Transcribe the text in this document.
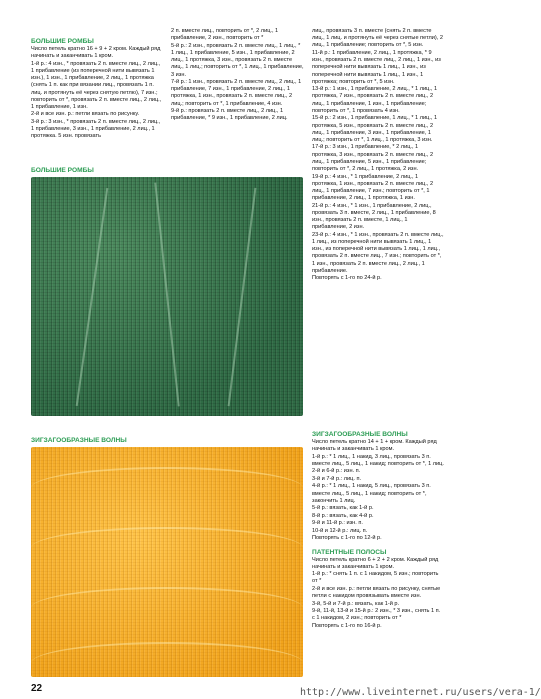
БОЛЬШИЕ РОМБЫ

Число петель кратно 16 + 9 + 2 кром. Каждый ряд начинать и заканчивать 1 кром.

1-й р.: 4 изн., * провязать 2 п. вместе лиц., 2 лиц., 1 прибавление (из поперечной нити вывязать 1 изн.), 1 изн., 1 прибавление, 2 лиц., 1 протяжка (снять 1 п. как при вязании лиц., провязать 1 п. лиц. и протянуть её через снятую петлю), 7 изн.; повторить от *, провязать 2 п. вместе лиц., 2 лиц., 1 прибавление, 1 изн.

2-й и все изн. р.: петли вязать по рисунку.

3-й р.: 3 изн., * провязать 2 п. вместе лиц., 2 лиц., 1 прибавление, 3 изн., 1 прибавление, 2 лиц., 1 протяжка. 5 изн. провязать

2 п. вместе лиц., повторить от *, 2 лиц., 1 прибавление, 2 изн., повторить от *

5-й р.: 2 изн., провязать 2 п. вместе лиц., 1 лиц., * 1 лиц., 1 прибавление, 5 изн., 1 прибавление, 2 лиц., 1 протяжка, 3 изн., провязать 2 п. вместе лиц., 1 лиц.; повторить от *, 1 лиц., 1 прибавление, 3 изн.

7-й р.: 1 изн., провязать 2 п. вместе лиц., 2 лиц., 1 прибавление, 7 изн., 1 прибавление, 2 лиц., 1 протяжка, 1 изн., провязать 2 п. вместе лиц., 2 лиц.; повторить от *, 1 прибавление, 4 изн.

9-й р.: провязать 2 п. вместе лиц., 2 лиц., 1 прибавление, * 9 изн., 1 прибавление, 2 лиц.

лиц., провязать 3 п. вместе (снять 2 п. вместе лиц., 1 лиц. и протянуть её через снятые петли), 2 лиц., 1 прибавление; повторить от *, 5 изн.

11-й р.: 1 прибавление, 2 лиц., 1 протяжка, * 9 изн., провязать 2 п. вместе лиц., 2 лиц., 1 изн., из поперечной нити вывязать 1 лиц., 1 изн., из поперечной нити вывязать 1 лиц., 1 изн., 1 протяжка; повторить от *, 5 изн.

13-й р.: 1 изн., 1 прибавление, 2 лиц., * 1 лиц., 1 протяжка, 7 изн., провязать 2 п. вместе лиц., 2 лиц., 1 прибавление, 1 изн., 1 прибавление; повторить от *, 1 провязать 4 изн.

15-й р.: 2 изн., 1 прибавление, 1 лиц., * 1 лиц., 1 протяжка, 5 изн., провязать 2 п. вместе лиц., 2 лиц., 1 прибавление, 3 изн., 1 прибавление, 1 лиц.; повторить от *, 1 лиц., 1 протяжка, 3 изн.

17-й р.: 3 изн., 1 прибавление, * 2 лиц., 1 протяжка, 3 изн., провязать 2 п. вместе лиц., 2 лиц., 1 прибавление, 5 изн., 1 прибавление; повторить от *, 2 лиц., 1 протяжка, 2 изн.

19-й р.: 4 изн., * 1 прибавление, 2 лиц., 1 протяжка, 1 изн., провязать 2 п. вместе лиц., 2 лиц., 1 прибавление, 7 изн.; повторить от *, 1 прибавление, 2 лиц., 1 протяжка, 1 изн.

21-й р.: 4 изн., * 1 изн., 1 прибавление, 2 лиц., провязать 3 п. вместе, 2 лиц., 1 прибавление, 8 изн., провязать 2 п. вместе, 1 лиц., 1 прибавление, 2 изн.

23-й р.: 4 изн., * 1 изн., провязать 2 п. вместе лиц., 1 лиц., из поперечной нити вывязать 1 лиц., 1 изн., из поперечной нити вывязать 1 лиц., 1 лиц., провязать 2 п. вместе лиц., 7 изн.; повторить от *, 1 изн., провязать 2 п. вместе лиц., 2 лиц., 1 прибавление.

Повторять с 1-го по 24-й р.

ЗИГЗАГООБРАЗНЫЕ ВОЛНЫ

Число петель кратно 14 + 1 + кром. Каждый ряд начинать и заканчивать 1 кром.

1-й р.: * 1 лиц., 1 накид, 3 лиц., провязать 3 п. вместе лиц., 5 лиц., 1 накид; повторить от *, 1 лиц.

2-й и 6-й р.: изн. п.

3-й и 7-й р.: лиц. п.

4-й р.: * 1 лиц., 1 накид, 5 лиц., провязать 3 п. вместе лиц., 5 лиц., 1 накид; повторить от *, закончить 1 лиц.

5-й р.: вязать, как 1-й р.

8-й р.: вязать, как 4-й р.

9-й и 11-й р.: изн. п.

10-й и 12-й р.: лиц. п.

Повторять с 1-го по 12-й р.

ПАТЕНТНЫЕ ПОЛОСЫ

Число петель кратно 6 + 2 + 2 кром. Каждый ряд начинать и заканчивать 1 кром.

1-й р.: * снять 1 п. с 1 накидом, 5 изн.; повторить от *

2-й и все изн. р.: петли вязать по рисунку, снятые петли с накидом провязывать вместе изн.

3-й, 5-й и 7-й р.: вязать, как 1-й р.

9-й, 11-й, 13-й и 15-й р.: 2 изн., * 3 изн., снять 1 п. с 1 накидом, 2 изн.; повторить от *

Повторять с 1-го по 16-й р.

БОЛЬШИЕ РОМБЫ
ЗИГЗАГООБРАЗНЫЕ ВОЛНЫ
22	http://www.liveinternet.ru/users/vera-1/
